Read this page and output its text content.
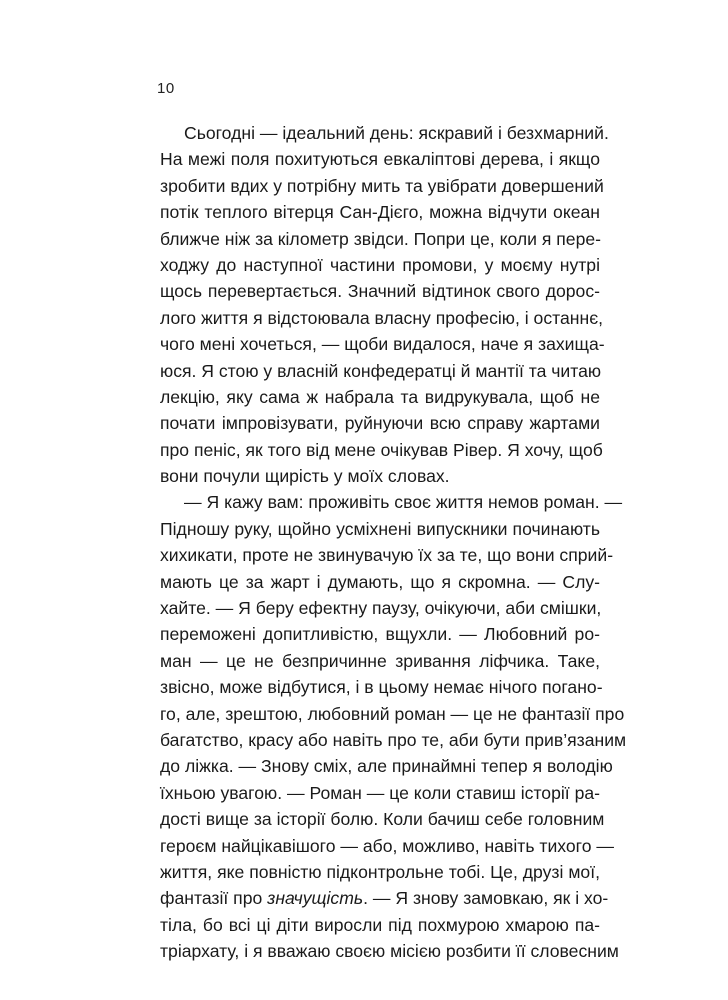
10
Сьогодні — ідеальний день: яскравий і безхмарний.
На межі поля похитуються евкаліптові дерева, і якщо
зробити вдих у потрібну мить та увібрати довершений
потік теплого вітерця Сан-Дієго, можна відчути океан
ближче ніж за кілометр звідси. Попри це, коли я пере-
ходжу до наступної частини промови, у моєму нутрі
щось перевертається. Значний відтинок свого дорос-
лого життя я відстоювала власну професію, і останнє,
чого мені хочеться, — щоби видалося, наче я захища-
юся. Я стою у власній конфедератці й мантії та читаю
лекцію, яку сама ж набрала та видрукувала, щоб не
почати імпровізувати, руйнуючи всю справу жартами
про пеніс, як того від мене очікував Рівер. Я хочу, щоб
вони почули щирість у моїх словах.
— Я кажу вам: проживіть своє життя немов роман. —
Підношу руку, щойно усміхнені випускники починають
хихикати, проте не звинувачую їх за те, що вони сприй-
мають це за жарт і думають, що я скромна. — Слу-
хайте. — Я беру ефектну паузу, очікуючи, аби смішки,
переможені допитливістю, вщухли. — Любовний ро-
ман — це не безпричинне зривання ліфчика. Таке,
звісно, може відбутися, і в цьому немає нічого погано-
го, але, зрештою, любовний роман — це не фантазії про
багатство, красу або навіть про те, аби бути прив’язаним
до ліжка. — Знову сміх, але принаймні тепер я володію
їхньою увагою. — Роман — це коли ставиш історії ра-
дості вище за історії болю. Коли бачиш себе головним
героєм найцікавішого — або, можливо, навіть тихого —
життя, яке повністю підконтрольне тобі. Це, друзі мої,
фантазії про значущість. — Я знову замовкаю, як і хо-
тіла, бо всі ці діти виросли під похмурою хмарою па-
тріархату, і я вважаю своєю місією розбити її словесним
